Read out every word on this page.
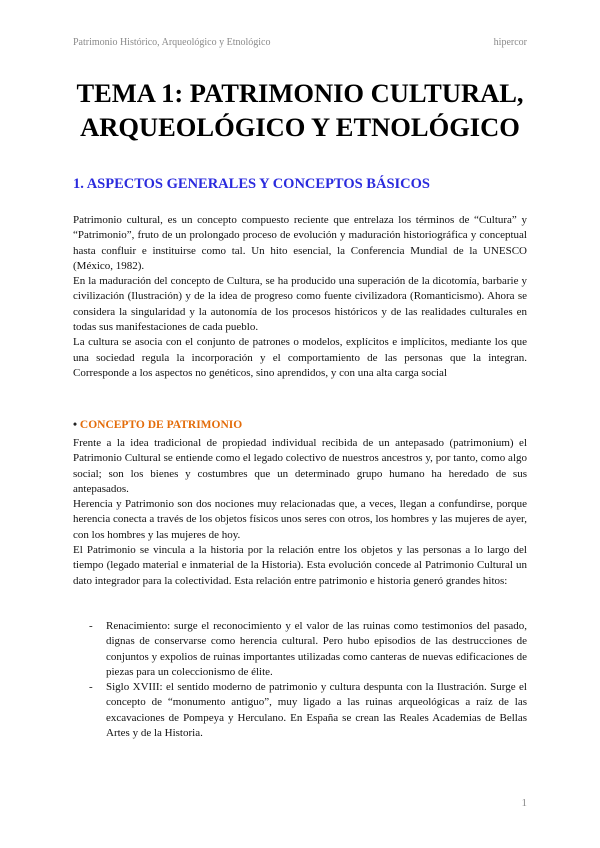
Patrimonio Histórico, Arqueológico y Etnológico	hipercor
TEMA 1: PATRIMONIO CULTURAL,
ARQUEOLÓGICO Y ETNOLÓGICO
1. ASPECTOS GENERALES Y CONCEPTOS BÁSICOS

Patrimonio cultural, es un concepto compuesto reciente que entrelaza los términos de “Cultura” y “Patrimonio”, fruto de un prolongado proceso de evolución y maduración historiográfica y conceptual hasta confluir e instituirse como tal. Un hito esencial, la Conferencia Mundial de la UNESCO (México, 1982).

En la maduración del concepto de Cultura, se ha producido una superación de la dicotomía, barbarie y civilización (Ilustración) y de la idea de progreso como fuente civilizadora (Romanticismo). Ahora se considera la singularidad y la autonomía de los procesos históricos y de las realidades culturales en todas sus manifestaciones de cada pueblo.

La cultura se asocia con el conjunto de patrones o modelos, explícitos e implícitos, mediante los que una sociedad regula la incorporación y el comportamiento de las personas que la integran. Corresponde a los aspectos no genéticos, sino aprendidos, y con una alta carga social

• CONCEPTO DE PATRIMONIO

Frente a la idea tradicional de propiedad individual recibida de un antepasado (patrimonium) el Patrimonio Cultural se entiende como el legado colectivo de nuestros ancestros y, por tanto, como algo social; son los bienes y costumbres que un determinado grupo humano ha heredado de sus antepasados.

Herencia y Patrimonio son dos nociones muy relacionadas que, a veces, llegan a confundirse, porque herencia conecta a través de los objetos físicos unos seres con otros, los hombres y las mujeres de ayer, con los hombres y las mujeres de hoy.

El Patrimonio se vincula a la historia por la relación entre los objetos y las personas a lo largo del tiempo (legado material e inmaterial de la Historia). Esta evolución concede al Patrimonio Cultural un dato integrador para la colectividad. Esta relación entre patrimonio e historia generó grandes hitos:

- Renacimiento: surge el reconocimiento y el valor de las ruinas como testimonios del pasado, dignas de conservarse como herencia cultural. Pero hubo episodios de las destrucciones de conjuntos y expolios de ruinas importantes utilizadas como canteras de nuevas edificaciones de piezas para un coleccionismo de élite.
- Siglo XVIII: el sentido moderno de patrimonio y cultura despunta con la Ilustración. Surge el concepto de “monumento antiguo”, muy ligado a las ruinas arqueológicas a raíz de las excavaciones de Pompeya y Herculano. En España se crean las Reales Academias de Bellas Artes y de la Historia.
1
